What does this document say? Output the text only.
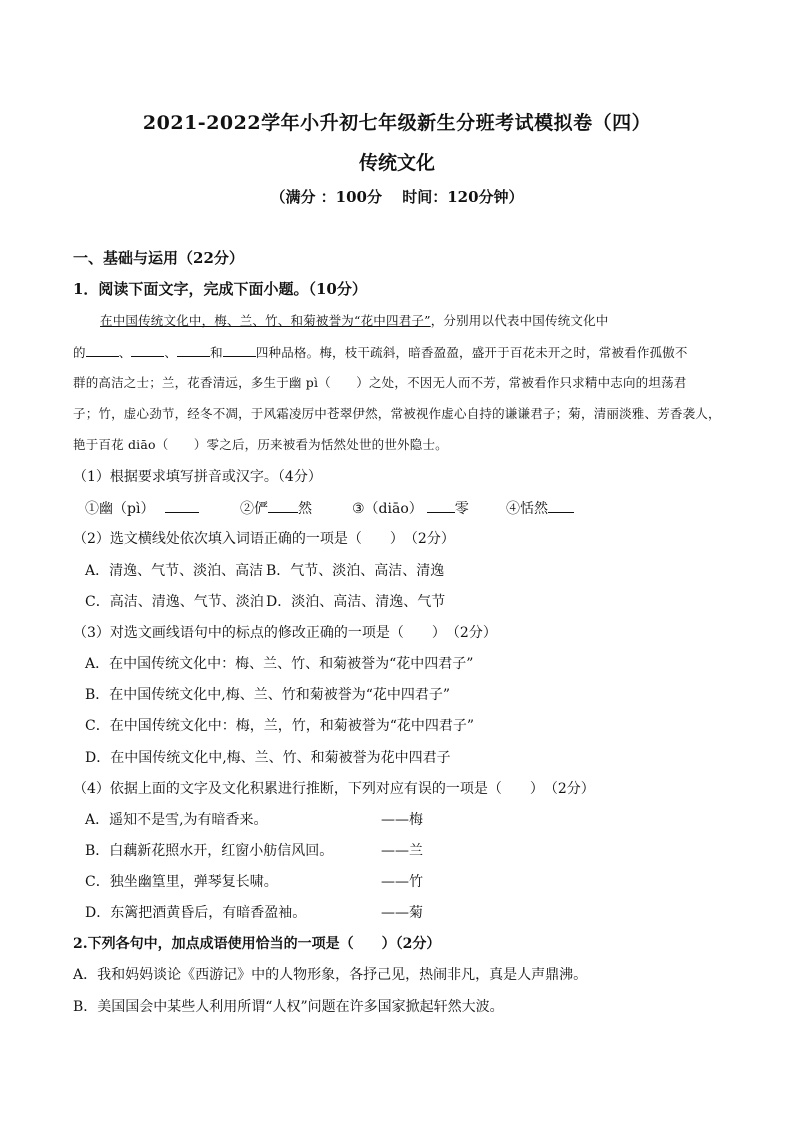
2021-2022学年小升初七年级新生分班考试模拟卷（四）
传统文化
（满分 ：100分　 时间：120分钟）
一、基础与运用（22分）
1．阅读下面文字，完成下面小题。（10分）
在中国传统文化中，梅、兰、竹、和菊被誉为“花中四君子”，分别用以代表中国传统文化中
的	、	、	和	四种品格。梅，枝干疏斜，暗香盈盈，盛开于百花未开之时，常被看作孤傲不
群的高洁之士；兰，花香清远，多生于幽 pì（　　）之处，不因无人而不芳，常被看作只求精中志向的坦荡君
子；竹，虚心劲节，经冬不凋，于风霜凌厉中苍翠伊然，常被视作虚心自持的谦谦君子；菊，清丽淡雅、芳香袭人，
艳于百花 diāo（　　）零之后，历来被看为恬然处世的世外隐士。
（1）根据要求填写拼音或汉字。（4分）
①幽（pì）	②俨 然	③（diāo） 零	④恬然
（2）选文横线处依次填入词语正确的一项是（　　）　（2分）
A．清逸、气节、淡泊、高洁 B．气节、淡泊、高洁、清逸
C．高洁、清逸、气节、淡泊 D．淡泊、高洁、清逸、气节
（3）对选文画线语句中的标点的修改正确的一项是（　　）　（2分）
A．在中国传统文化中：梅、兰、竹、和菊被誉为“花中四君子”
B．在中国传统文化中,梅、兰、竹和菊被誉为“花中四君子”
C．在中国传统文化中：梅，兰，竹，和菊被誉为“花中四君子”
D．在中国传统文化中,梅、兰、竹、和菊被誉为花中四君子
（4）依据上面的文字及文化积累进行推断，下列对应有误的一项是（　　）　（2分）
A．遥知不是雪,为有暗香来。	——梅
B．白藕新花照水开，红窗小舫信风回。	——兰
C．独坐幽篁里，弹琴复长啸。	——竹
D．东篱把酒黄昏后，有暗香盈袖。	——菊
2.下列各句中，加点成语使用恰当的一项是（　　）（2分）
A．我和妈妈谈论《西游记》中的人物形象，各抒己见，热闹非凡，真是人声鼎沸。
B．美国国会中某些人利用所谓“人权”问题在许多国家掀起轩然大波。
